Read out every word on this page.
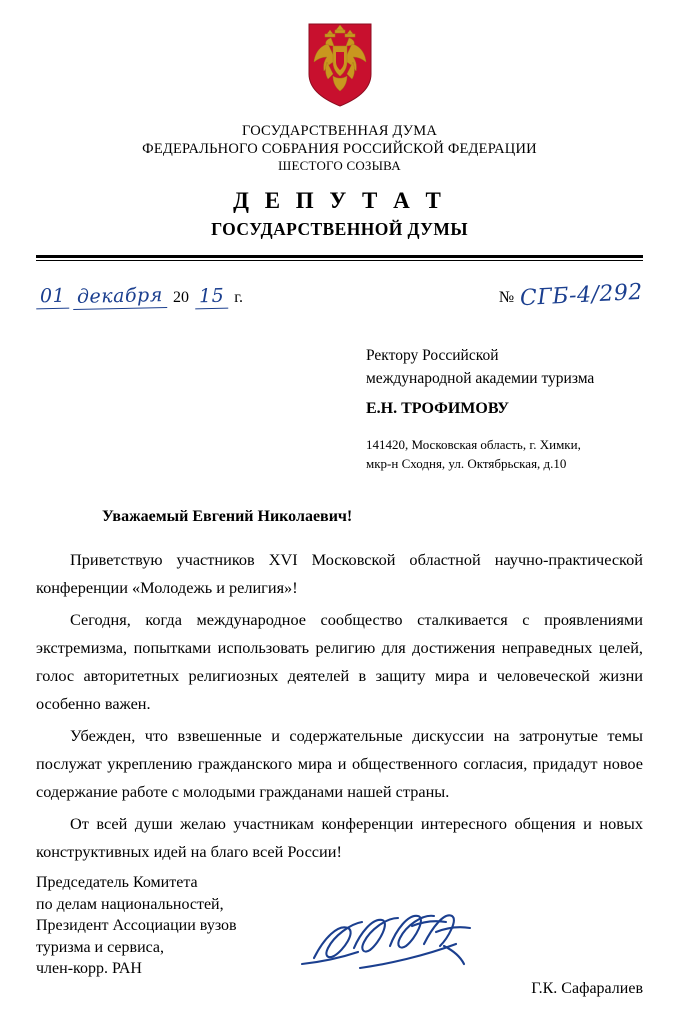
ГОСУДАРСТВЕННАЯ ДУМА
ФЕДЕРАЛЬНОГО СОБРАНИЯ РОССИЙСКОЙ ФЕДЕРАЦИИ
ШЕСТОГО СОЗЫВА
Д Е П У Т А Т
ГОСУДАРСТВЕННОЙ ДУМЫ
01 декабря 20 15 г.	№ СГБ-4/292
Ректору Российской
международной академии туризма
Е.Н. ТРОФИМОВУ
141420, Московская область, г. Химки,
мкр-н Сходня, ул. Октябрьская, д.10
Уважаемый Евгений Николаевич!

Приветствую участников XVI Московской областной научно-практической конференции «Молодежь и религия»!

Сегодня, когда международное сообщество сталкивается с проявлениями экстремизма, попытками использовать религию для достижения неправедных целей, голос авторитетных религиозных деятелей в защиту мира и человеческой жизни особенно важен.

Убежден, что взвешенные и содержательные дискуссии на затронутые темы послужат укреплению гражданского мира и общественного согласия, придадут новое содержание работе с молодыми гражданами нашей страны.

От всей души желаю участникам конференции интересного общения и новых конструктивных идей на благо всей России!

Председатель Комитета
по делам национальностей,
Президент Ассоциации вузов
туризма и сервиса,
член-корр. РАН
Г.К. Сафаралиев
